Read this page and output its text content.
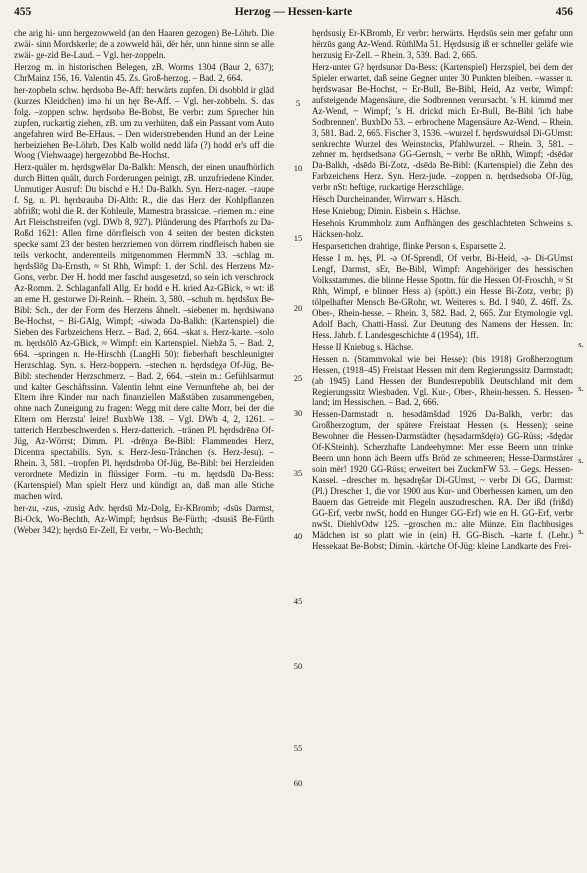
455	Herzog — Hessen-karte	456

che arig hi- unn hergezowweld (an den Haaren gezogen) Be-Löhrb. Die zwäi- sinn Mordskerle; de a zowweld häi, dër hër, unn hinne sinn se alle zwäi- ge-zid Be-Laud. – Vgl. her-zoppeln.

Herzog m. in historischen Belegen, zB. Worms 1304 (Baur 2, 637); ChrMainz 156, 16. Valentin 45. Zs. Groß-herzog. – Bad. 2, 664.

her-zopbeln schw. hęrdsobə Be-Aff: herwärts zupfen. Di dsobbld ir glād (kurzes Kleidchen) imə hi un hęr Be-Aff. – Vgl. her-zobbeln. S. das folg. –zoppen schw. hęrdsobə Be-Bobst, Be verbr: zum Sprecher hin zupfen, ruckartig ziehen, zB. um zu verhüten, daß ein Passant vom Auto angefahren wird Be-EHaus. – Den widerstrebenden Hund an der Leine herbeiziehen Be-Löhrb. Des Kalb wolld nedd läfə (?) hodd er's uff die Woog (Viehwaage) hergezobbd Be-Hochst.

Herz-quäler m. hęrdsgwēlər Da-Balkh: Mensch, der einen unaufhörlich durch Bitten quält, durch Forderungen peinigt, zB. unzufriedene Kinder. Unmutiger Ausruf: Du bischd e H.! Da-Balkh. Syn. Herz-nager. –raupe f. Sg. u. Pl. hęrdsraubə Di-Alth: R., die das Herz der Kohlpflanzen abfrißt; wohl die R. der Kohleule, Mamestra brassicae. –riemen m.: eine Art Fleischstreifen (vgl. DWb 8, 927). Plünderung des Pfarrhofs zu Da-Roßd 1621: Allen firne dörrfleisch von 4 seiten der besten dicksten specke samt 23 der besten herzriemen von dörrem rindfleisch haben sie teils verkocht, anderenteils mitgenommen HermmN 33. –schlag m. hęrdsšlōg Da-Ernsth, ≈ St Rhh, Wimpf: 1. der Schl. des Herzens Mz-Gons, verbr. Der H. hodd mer faschd ausgesetzd, so sein ich verschrock Az-Romm. 2. Schlaganfall Allg. Er hodd e H. kried Az-GBick, ≈ wt: iß an eme H. gestorwe Di-Reinh. – Rhein. 3, 580. –schuh m. hęrdsšux Be-Bibl: Sch., der der Form des Herzens ähnelt. –siebener m. hęrdsiwənə Be-Hochst, ~ Bi-GAlg, Wimpf; -siwədə Da-Balkh: (Kartenspiel) die Sieben des Farbzeichens Herz. – Bad. 2, 664. –skat s. Herz-karte. –solo m. hęrdsōlō Az-GBick, ≈ Wimpf: ein Kartenspiel. Niebža 5. – Bad. 2, 664. –springen n. He-Hirschh (LangHi 50): fieberhaft beschleunigter Herzschlag. Syn. s. Herz-boppern. –stechen n. hęrdsdęχə Of-Jüg, Be-Bibl: stechender Herzschmerz. – Bad. 2, 664. –stein m.: Gefühlsarmut und kalter Geschäftssinn. Valentin lehnt eine Vernunftehe ab, bei der Eltern ihre Kinder nur nach finanziellen Maßstäben zusammengeben, ohne nach Zuneigung zu fragen: Wegg mit dere calte Morr, bei der die Eltern om Herzsta' leire! BuxbWe 138. – Vgl. DWb 4, 2, 1261. –tatterich Herzbeschwerden s. Herz-datterich. –tränen Pl. hęrdsdrēnə Of-Jüg, Az-Wörrst; Dimm. Pl. -drēnχə Be-Bibl: Flammendes Herz, Dicentra spectabilis. Syn. s. Herz-Jesu-Tränchen (s. Herz-Jesu). – Rhein. 3, 581. –tropfen Pl. hęrdsdrobə Of-Jüg, Be-Bibl: bei Herzleiden verordnete Medizin in flüssiger Form. –tu m. hęrdsdū Da-Bess: (Kartenspiel) Man spielt Herz und kündigt an, daß man alle Stiche machen wird.

her-zu, -zus, -zusig Adv. hęrdsū Mz-Dolg, Er-KBromb; -dsūs Darmst, Bi-Ock, Wo-Bechth, Az-Wimpf; hęrdsus Be-Fürth; -dsusiš Be-Fürth (Weber 342); hęrdsū Er-Zell, Er verbr, ~ Wo-Bechth;

5
10
15
20
25
30
35
40
45
50
55
60

hęrdsusiχ Er-KBromb, Er verbr: herwärts. Hęrdsūs sein mer gefahr unn hërzūs gang Az-Wend. RüthlMa 51. Hęrdsusig iß er schneller geläfe wie herzusig Er-Zell. – Rhein. 3, 539. Bad. 2, 665.

Herz-unter G? hęrdsunər Da-Bess: (Kartenspiel) Herzspiel, bei dem der Spieler erwartet, daß seine Gegner unter 30 Punkten bleiben. –wasser n. hęrdswasər Be-Hochst, ~ Er-Bull, Be-Bibl, Heid, Az verbr, Wimpf: aufsteigende Magensäure, die Sodbrennen verursacht. 's H. kimmd mer Az-Wend, ~ Wimpf; 's H. drickd mich Er-Bull, Be-Bibl 'ich habe Sodbrennen'. BuxbDo 53. – erbrochene Magensäure Az-Wend. – Rhein. 3, 581. Bad. 2, 665. Fischer 3, 1536. –wurzel f. hęrdswuṙdsəl Di-GUmst: senkrechte Wurzel des Weinstocks, Pfahlwurzel. – Rhein. 3, 581. –zehner m. hęrdsedsənə GG-Gernsh, ~ verbr Be nRhh, Wimpf; -dsēdər Da-Balkh, -dsēdə Bi-Zotz, -dsēdə Be-Bibl: (Kartenspiel) die Zehn des Farbzeichens Herz. Syn. Herz-jude. –zoppen n. hęrdsedsobə Of-Jüg, verbr nSt: heftige, ruckartige Herzschläge.

Hësch Durcheinander, Wirrwarr s. Häsch.

Hese Kniebug; Dimin. Eisbein s. Hächse.

Hesehois Krummholz zum Aufhängen des geschlachteten Schweins s. Häcksen-holz.

Hesparsettchen drahtige, flinke Person s. Esparsette 2.

Hesse I m. hęs, Pl. -ə Of-Sprendl, Of verbr, Bi-Heid, -ə- Di-GUmst Lengf, Darmst, sEr, Be-Bibl, Wimpf: Angehöriger des hessischen Volksstammes. die blinne Hesse Spottn. für die Hessen Of-Froschh, ≈ St Rhh, Wimpf, e blinner Hess a) (spött.) ein Hesse Bi-Zotz, verbr; β) tölpelhafter Mensch Be-GRohr, wt. Weiteres s. Bd. I 940, Z. 46ff. Zs. Ober-, Rhein-hesse. – Rhein. 3, 582. Bad. 2, 665. Zur Etymologie vgl. Adolf Bach, Chatti-Hassi. Zur Deutung des Namens der Hessen. In: Hess. Jahrb. f. Landesgeschichte 4 (1954), 1ff.

Hesse II Kniebug s. Hächse.

Hessen n. (Stammvokal wie bei Hesse): (bis 1918) Großherzogtum Hessen, (1918–45) Freistaat Hessen mit dem Regierungssitz Darmstadt; (ab 1945) Land Hessen der Bundesrepublik Deutschland mit dem Regierungssitz Wiesbaden. Vgl. Kur-, Ober-, Rhein-hessen. S. Hessen-land; im Hessischen. – Bad. 2, 666.

Hessen-Darmstadt n. hesədāmšdad 1926 Da-Balkh, verbr: das Großherzogtum, der spätere Freistaat Hessen (s. Hessen); seine Bewohner die Hessen-Darmstädter (hęsədarmšdęṙə) GG-Rüss; -šdędər Of-KSteinh). Scherzhafte Landeehymne: Mer esse Beern unn trinke Beern unn honn äch Beern uffs Bröd ze schmeeren; Hesse-Darmstärer soin mër! 1920 GG-Rüss; erweitert bei ZuckmFW 53. – Gegs. Hessen-Kassel. –drescher m. hęsədręšər Di-GUmst, ~ verbr Di GG, Darmst: (Pl.) Drescher 1, die vor 1900 aus Kur- und Oberhessen kamen, um den Bauern das Getreide mit Flegeln auszudreschen. RA. Der ißd (frißd) GG-Erf, verbr nwSt, hodd en Hunger GG-Erf) wie en H. GG-Erf, verbr nwSt. DiehlvOdw 125. –groschen m.: alte Münze. Ein flachbusiges Mädchen ist so platt wie in (ein) H. GG-Bisch. –karte f. (Lehr.) Hessekaat Be-Bobst; Dimin. -kärtche Of-Jüg: kleine Landkarte des Frei-

s.
s.
s.
s.
